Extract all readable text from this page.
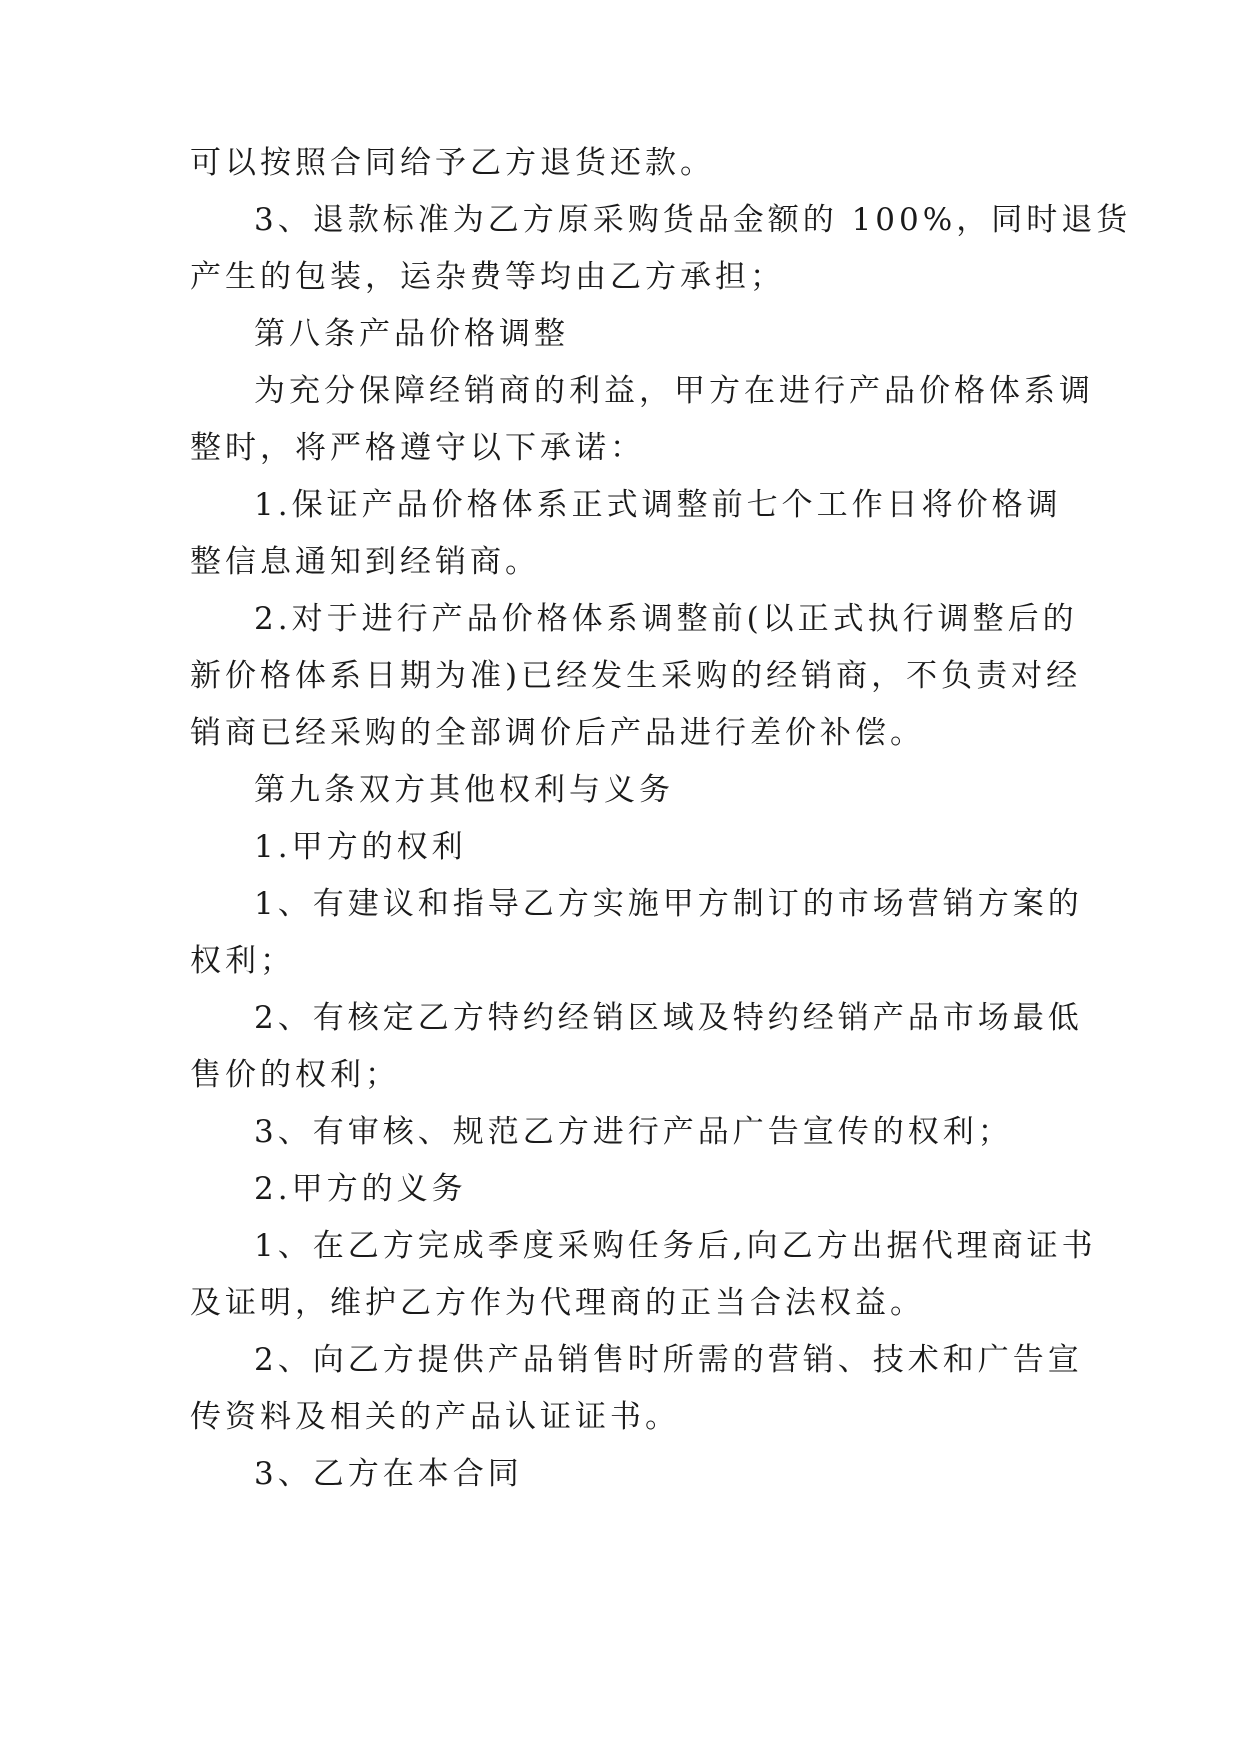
可以按照合同给予乙方退货还款。
3、退款标准为乙方原采购货品金额的 100%，同时退货
产生的包装，运杂费等均由乙方承担；
第八条产品价格调整
为充分保障经销商的利益，甲方在进行产品价格体系调
整时，将严格遵守以下承诺：
1.保证产品价格体系正式调整前七个工作日将价格调
整信息通知到经销商。
2.对于进行产品价格体系调整前(以正式执行调整后的
新价格体系日期为准)已经发生采购的经销商，不负责对经
销商已经采购的全部调价后产品进行差价补偿。
第九条双方其他权利与义务
1.甲方的权利
1、有建议和指导乙方实施甲方制订的市场营销方案的
权利；
2、有核定乙方特约经销区域及特约经销产品市场最低
售价的权利；
3、有审核、规范乙方进行产品广告宣传的权利；
2.甲方的义务
1、在乙方完成季度采购任务后,向乙方出据代理商证书
及证明，维护乙方作为代理商的正当合法权益。
2、向乙方提供产品销售时所需的营销、技术和广告宣
传资料及相关的产品认证证书。
3、乙方在本合同
